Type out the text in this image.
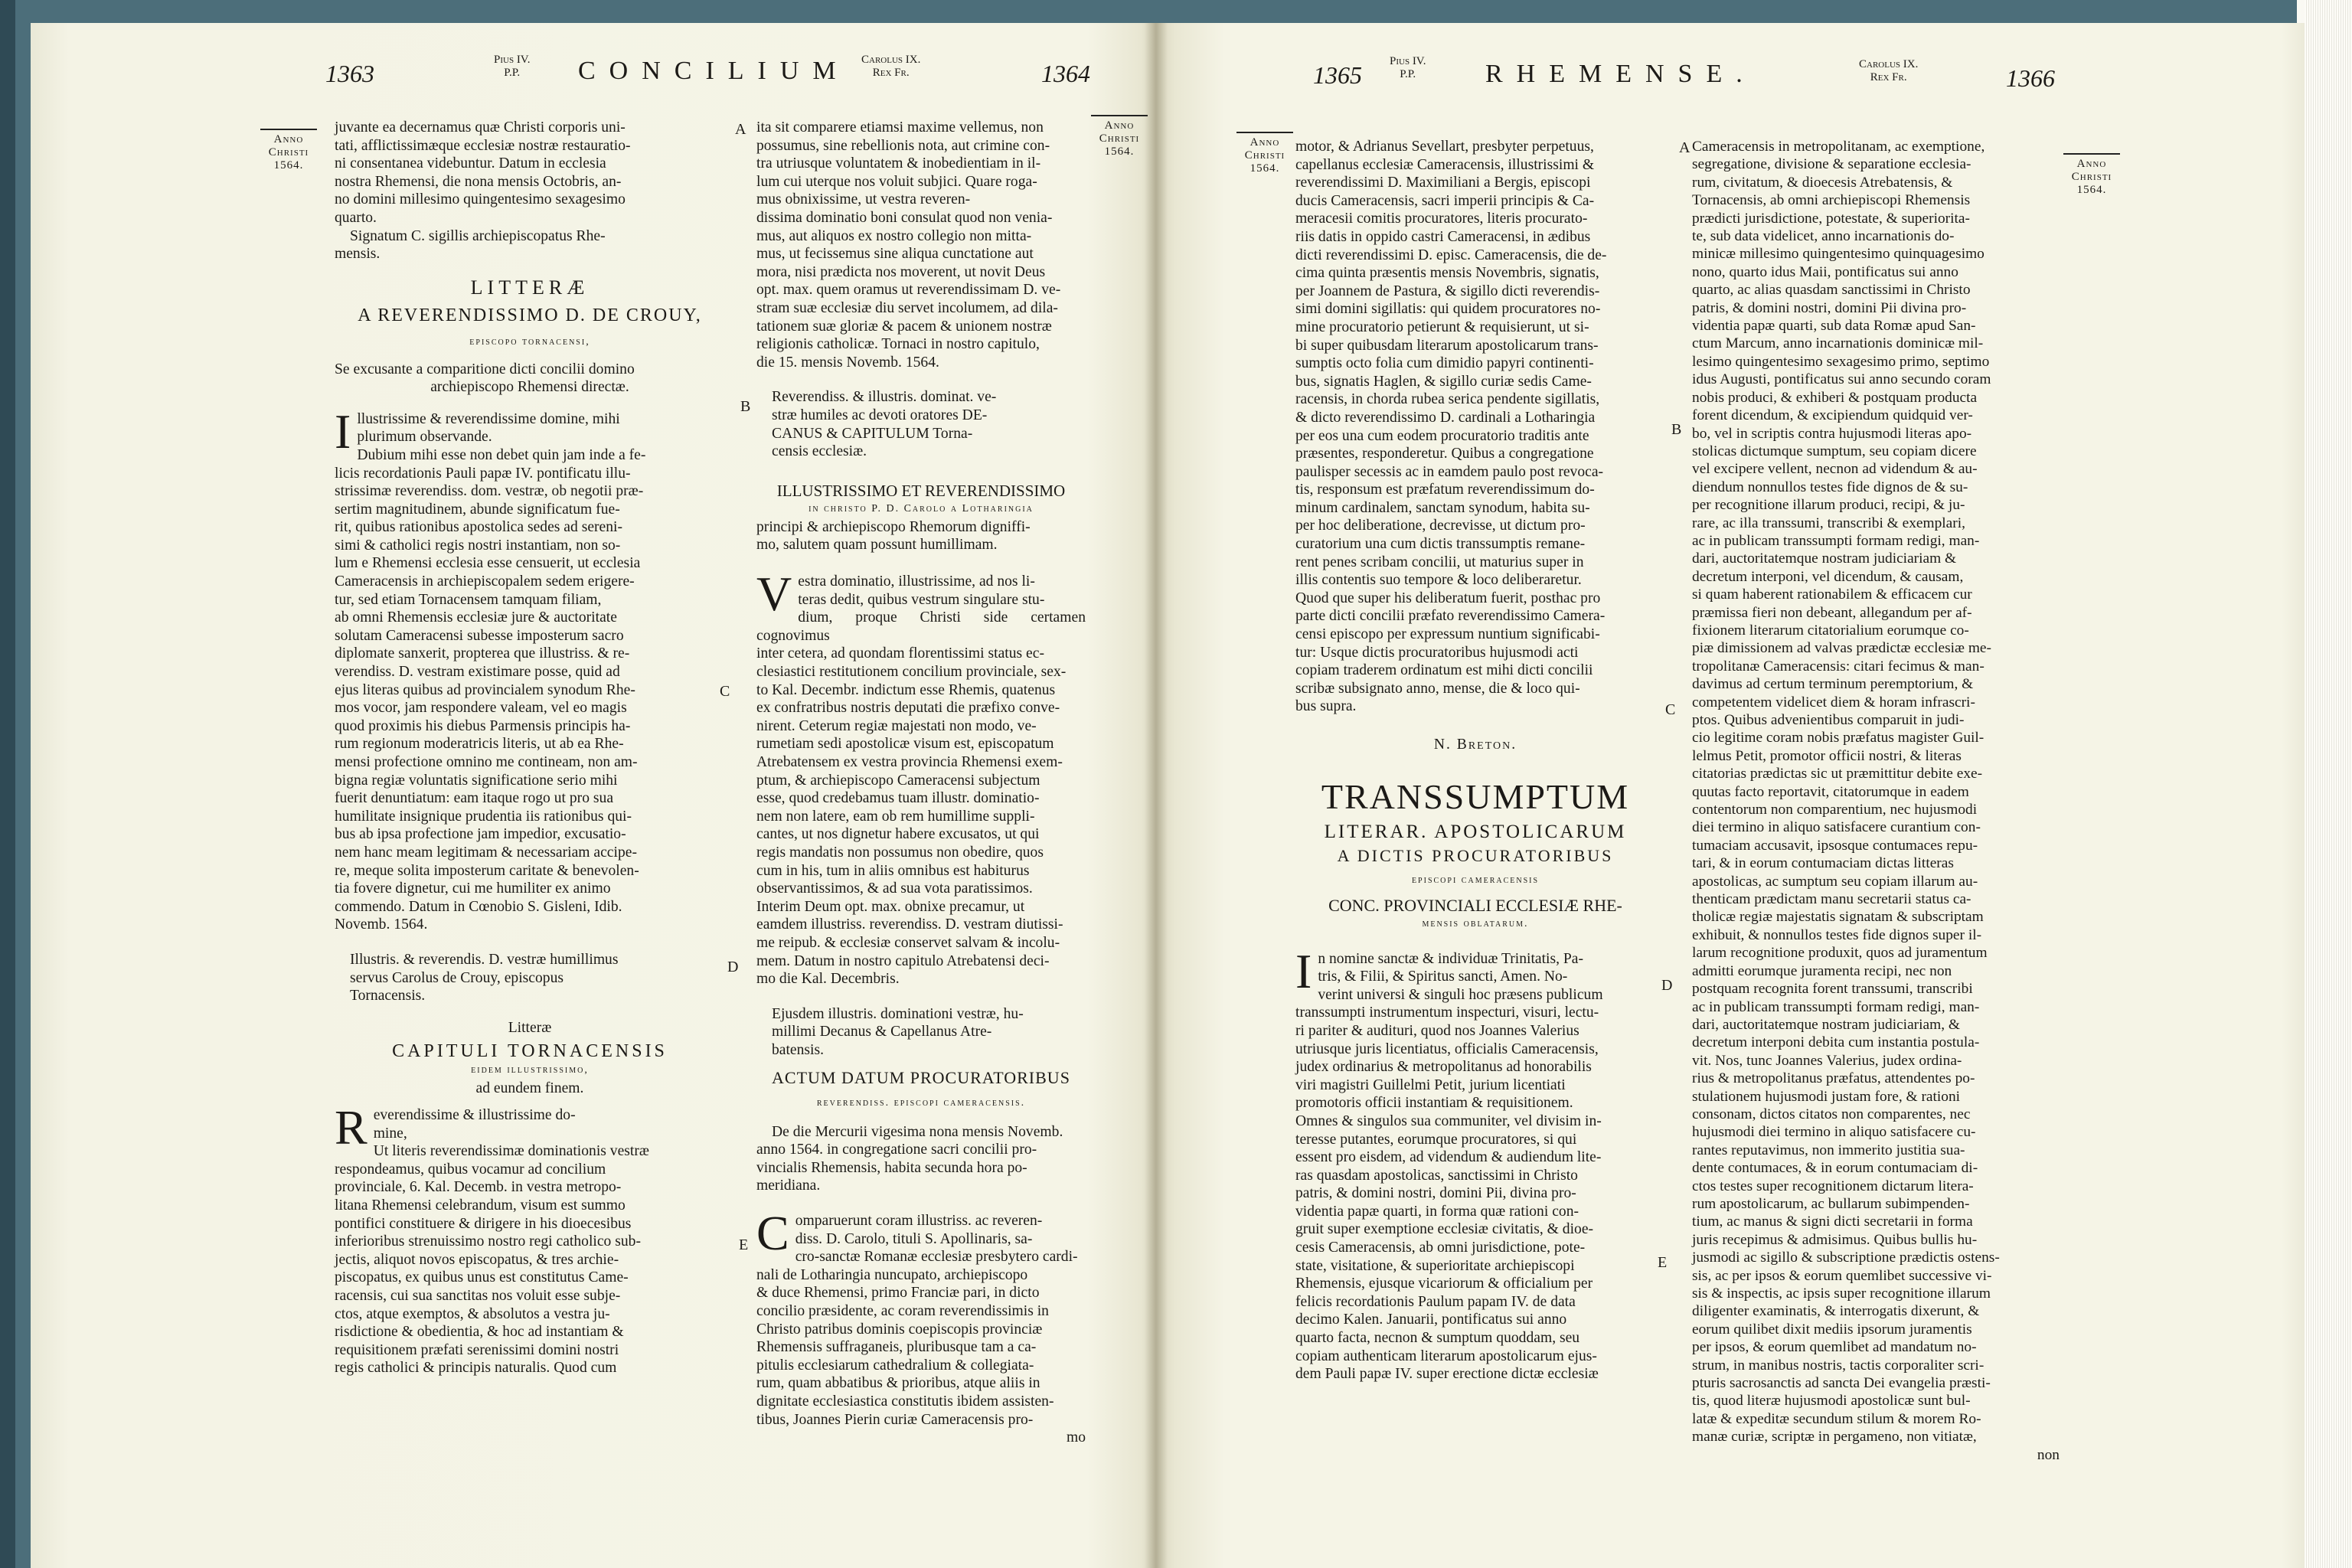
1363	Pius IV.
P.P.	CONCILIUM Carolus IX.
Rex Fr.	1364
Anno
Christi
1564.
Anno
Christi
1564.
A
B
C
D
E

juvante ea decernamus quæ Christi corporis uni-

tati, afflictissimæque ecclesiæ nostræ restauratio-

ni consentanea videbuntur. Datum in ecclesia

nostra Rhemensi, die nona mensis Octobris, an-

no domini millesimo quingentesimo sexagesimo

quarto.

Signatum C. sigillis archiepiscopatus Rhe-

mensis.

LITTERÆ

A REVERENDISSIMO D. DE CROUY,

episcopo tornacensi,

Se excusante a comparitione dicti concilii domino

archiepiscopo Rhemensi directæ.

I llustrissime & reverendissime domine, mihi

plurimum observande.

Dubium mihi esse non debet quin jam inde a fe-

licis recordationis Pauli papæ IV. pontificatu illu-

strissimæ reverendiss. dom. vestræ, ob negotii præ-

sertim magnitudinem, abunde significatum fue-

rit, quibus rationibus apostolica sedes ad sereni-

simi & catholici regis nostri instantiam, non so-

lum e Rhemensi ecclesia esse censuerit, ut ecclesia

Cameracensis in archiepiscopalem sedem erigere-

tur, sed etiam Tornacensem tamquam filiam,

ab omni Rhemensis ecclesiæ jure & auctoritate

solutam Cameracensi subesse imposterum sacro

diplomate sanxerit, propterea que illustriss. & re-

verendiss. D. vestram existimare posse, quid ad

ejus literas quibus ad provincialem synodum Rhe-

mos vocor, jam respondere valeam, vel eo magis

quod proximis his diebus Parmensis principis ha-

rum regionum moderatricis literis, ut ab ea Rhe-

mensi profectione omnino me contineam, non am-

bigna regiæ voluntatis significatione serio mihi

fuerit denuntiatum: eam itaque rogo ut pro sua

humilitate insignique prudentia iis rationibus qui-

bus ab ipsa profectione jam impedior, excusatio-

nem hanc meam legitimam & necessariam accipe-

re, meque solita imposterum caritate & benevolen-

tia fovere dignetur, cui me humiliter ex animo

commendo. Datum in Cœnobio S. Gisleni, Idib.

Novemb. 1564.

Illustris. & reverendis. D. vestræ humillimus

servus Carolus de Crouy, episcopus

Tornacensis.

Litteræ

CAPITULI TORNACENSIS

eidem illustrissimo,

ad eundem finem.

R everendissime & illustrissime do-

mine,

Ut literis reverendissimæ dominationis vestræ

respondeamus, quibus vocamur ad concilium

provinciale, 6. Kal. Decemb. in vestra metropo-

litana Rhemensi celebrandum, visum est summo

pontifici constituere & dirigere in his dioecesibus

inferioribus strenuissimo nostro regi catholico sub-

jectis, aliquot novos episcopatus, & tres archie-

piscopatus, ex quibus unus est constitutus Came-

racensis, cui sua sanctitas nos voluit esse subje-

ctos, atque exemptos, & absolutos a vestra ju-

risdictione & obedientia, & hoc ad instantiam &

requisitionem præfati serenissimi domini nostri

regis catholici & principis naturalis. Quod cum

ita sit comparere etiamsi maxime vellemus, non

possumus, sine rebellionis nota, aut crimine con-

tra utriusque voluntatem & inobedientiam in il-

lum cui uterque nos voluit subjici. Quare roga-

mus obnixissime, ut vestra reveren-

dissima dominatio boni consulat quod non venia-

mus, aut aliquos ex nostro collegio non mitta-

mus, ut fecissemus sine aliqua cunctatione aut

mora, nisi prædicta nos moverent, ut novit Deus

opt. max. quem oramus ut reverendissimam D. ve-

stram suæ ecclesiæ diu servet incolumem, ad dila-

tationem suæ gloriæ & pacem & unionem nostræ

religionis catholicæ. Tornaci in nostro capitulo,

die 15. mensis Novemb. 1564.

Reverendiss. & illustris. dominat. ve-

stræ humiles ac devoti oratores DE-

CANUS & CAPITULUM Torna-

censis ecclesiæ.

ILLUSTRISSIMO ET REVERENDISSIMO

in christo P. D. Carolo a Lotharingia

principi & archiepiscopo Rhemorum digniffi-

mo, salutem quam possunt humillimam.

V estra dominatio, illustrissime, ad nos li-

teras dedit, quibus vestrum singulare stu-

dium, proque Christi side certamen cognovimus

inter cetera, ad quondam florentissimi status ec-

clesiastici restitutionem concilium provinciale, sex-

to Kal. Decembr. indictum esse Rhemis, quatenus

ex confratribus nostris deputati die præfixo conve-

nirent. Ceterum regiæ majestati non modo, ve-

rumetiam sedi apostolicæ visum est, episcopatum

Atrebatensem ex vestra provincia Rhemensi exem-

ptum, & archiepiscopo Cameracensi subjectum

esse, quod credebamus tuam illustr. dominatio-

nem non latere, eam ob rem humillime suppli-

cantes, ut nos dignetur habere excusatos, ut qui

regis mandatis non possumus non obedire, quos

cum in his, tum in aliis omnibus est habiturus

observantissimos, & ad sua vota paratissimos.

Interim Deum opt. max. obnixe precamur, ut

eamdem illustriss. reverendiss. D. vestram diutissi-

me reipub. & ecclesiæ conservet salvam & incolu-

mem. Datum in nostro capitulo Atrebatensi deci-

mo die Kal. Decembris.

Ejusdem illustris. dominationi vestræ, hu-

millimi Decanus & Capellanus Atre-

batensis.

ACTUM DATUM PROCURATORIBUS

reverendiss. episcopi cameracensis.

De die Mercurii vigesima nona mensis Novemb.

anno 1564. in congregatione sacri concilii pro-

vincialis Rhemensis, habita secunda hora po-

meridiana.

C omparuerunt coram illustriss. ac reveren-

diss. D. Carolo, tituli S. Apollinaris, sa-

cro-sanctæ Romanæ ecclesiæ presbytero cardi-

nali de Lotharingia nuncupato, archiepiscopo

& duce Rhemensi, primo Franciæ pari, in dicto

concilio præsidente, ac coram reverendissimis in

Christo patribus dominis coepiscopis provinciæ

Rhemensis suffraganeis, pluribusque tam a ca-

pitulis ecclesiarum cathedralium & collegiata-

rum, quam abbatibus & prioribus, atque aliis in

dignitate ecclesiastica constitutis ibidem assisten-

tibus, Joannes Pierin curiæ Cameracensis pro-

mo

1365 Pius IV.
P.P.	RHEMENSE.	Carolus IX.
Rex Fr.	1366
Anno
Christi
1564.	Anno
Christi
1564.
A
B
C
D
E

motor, & Adrianus Sevellart, presbyter perpetuus,

capellanus ecclesiæ Cameracensis, illustrissimi &

reverendissimi D. Maximiliani a Bergis, episcopi

ducis Cameracensis, sacri imperii principis & Ca-

meracesii comitis procuratores, literis procurato-

riis datis in oppido castri Cameracensi, in ædibus

dicti reverendissimi D. episc. Cameracensis, die de-

cima quinta præsentis mensis Novembris, signatis,

per Joannem de Pastura, & sigillo dicti reverendis-

simi domini sigillatis: qui quidem procuratores no-

mine procuratorio petierunt & requisierunt, ut si-

bi super quibusdam literarum apostolicarum trans-

sumptis octo folia cum dimidio papyri continenti-

bus, signatis Haglen, & sigillo curiæ sedis Came-

racensis, in chorda rubea serica pendente sigillatis,

& dicto reverendissimo D. cardinali a Lotharingia

per eos una cum eodem procuratorio traditis ante

præsentes, responderetur. Quibus a congregatione

paulisper secessis ac in eamdem paulo post revoca-

tis, responsum est præfatum reverendissimum do-

minum cardinalem, sanctam synodum, habita su-

per hoc deliberatione, decrevisse, ut dictum pro-

curatorium una cum dictis transsumptis remane-

rent penes scribam concilii, ut maturius super in

illis contentis suo tempore & loco deliberaretur.

Quod que super his deliberatum fuerit, posthac pro

parte dicti concilii præfato reverendissimo Camera-

censi episcopo per expressum nuntium significabi-

tur: Usque dictis procuratoribus hujusmodi acti

copiam traderem ordinatum est mihi dicti concilii

scribæ subsignato anno, mense, die & loco qui-

bus supra.

N. Breton.

TRANSSUMPTUM

LITERAR. APOSTOLICARUM

A DICTIS PROCURATORIBUS

episcopi cameracensis

CONC. PROVINCIALI ECCLESIÆ RHE-

mensis oblatarum.

I n nomine sanctæ & individuæ Trinitatis, Pa-

tris, & Filii, & Spiritus sancti, Amen. No-

verint universi & singuli hoc præsens publicum

transsumpti instrumentum inspecturi, visuri, lectu-

ri pariter & audituri, quod nos Joannes Valerius

utriusque juris licentiatus, officialis Cameracensis,

judex ordinarius & metropolitanus ad honorabilis

viri magistri Guillelmi Petit, jurium licentiati

promotoris officii instantiam & requisitionem.

Omnes & singulos sua communiter, vel divisim in-

teresse putantes, eorumque procuratores, si qui

essent pro eisdem, ad videndum & audiendum lite-

ras quasdam apostolicas, sanctissimi in Christo

patris, & domini nostri, domini Pii, divina pro-

videntia papæ quarti, in forma quæ rationi con-

gruit super exemptione ecclesiæ civitatis, & dioe-

cesis Cameracensis, ab omni jurisdictione, pote-

state, visitatione, & superioritate archiepiscopi

Rhemensis, ejusque vicariorum & officialium per

felicis recordationis Paulum papam IV. de data

decimo Kalen. Januarii, pontificatus sui anno

quarto facta, necnon & sumptum quoddam, seu

copiam authenticam literarum apostolicarum ejus-

dem Pauli papæ IV. super erectione dictæ ecclesiæ

Cameracensis in metropolitanam, ac exemptione,

segregatione, divisione & separatione ecclesia-

rum, civitatum, & dioecesis Atrebatensis, &

Tornacensis, ab omni archiepiscopi Rhemensis

prædicti jurisdictione, potestate, & superiorita-

te, sub data videlicet, anno incarnationis do-

minicæ millesimo quingentesimo quinquagesimo

nono, quarto idus Maii, pontificatus sui anno

quarto, ac alias quasdam sanctissimi in Christo

patris, & domini nostri, domini Pii divina pro-

videntia papæ quarti, sub data Romæ apud San-

ctum Marcum, anno incarnationis dominicæ mil-

lesimo quingentesimo sexagesimo primo, septimo

idus Augusti, pontificatus sui anno secundo coram

nobis produci, & exhiberi & postquam producta

forent dicendum, & excipiendum quidquid ver-

bo, vel in scriptis contra hujusmodi literas apo-

stolicas dictumque sumptum, seu copiam dicere

vel excipere vellent, necnon ad videndum & au-

diendum nonnullos testes fide dignos de & su-

per recognitione illarum produci, recipi, & ju-

rare, ac illa transsumi, transcribi & exemplari,

ac in publicam transsumpti formam redigi, man-

dari, auctoritatemque nostram judiciariam &

decretum interponi, vel dicendum, & causam,

si quam haberent rationabilem & efficacem cur

præmissa fieri non debeant, allegandum per af-

fixionem literarum citatorialium eorumque co-

piæ dimissionem ad valvas prædictæ ecclesiæ me-

tropolitanæ Cameracensis: citari fecimus & man-

davimus ad certum terminum peremptorium, &

competentem videlicet diem & horam infrascri-

ptos. Quibus advenientibus comparuit in judi-

cio legitime coram nobis præfatus magister Guil-

lelmus Petit, promotor officii nostri, & literas

citatorias prædictas sic ut præmittitur debite exe-

quutas facto reportavit, citatorumque in eadem

contentorum non comparentium, nec hujusmodi

diei termino in aliquo satisfacere curantium con-

tumaciam accusavit, ipsosque contumaces repu-

tari, & in eorum contumaciam dictas litteras

apostolicas, ac sumptum seu copiam illarum au-

thenticam prædictam manu secretarii status ca-

tholicæ regiæ majestatis signatam & subscriptam

exhibuit, & nonnullos testes fide dignos super il-

larum recognitione produxit, quos ad juramentum

admitti eorumque juramenta recipi, nec non

postquam recognita forent transsumi, transcribi

ac in publicam transsumpti formam redigi, man-

dari, auctoritatemque nostram judiciariam, &

decretum interponi debita cum instantia postula-

vit. Nos, tunc Joannes Valerius, judex ordina-

rius & metropolitanus præfatus, attendentes po-

stulationem hujusmodi justam fore, & rationi

consonam, dictos citatos non comparentes, nec

hujusmodi diei termino in aliquo satisfacere cu-

rantes reputavimus, non immerito justitia sua-

dente contumaces, & in eorum contumaciam di-

ctos testes super recognitionem dictarum litera-

rum apostolicarum, ac bullarum subimpenden-

tium, ac manus & signi dicti secretarii in forma

juris recepimus & admisimus. Quibus bullis hu-

jusmodi ac sigillo & subscriptione prædictis ostens-

sis, ac per ipsos & eorum quemlibet successive vi-

sis & inspectis, ac ipsis super recognitione illarum

diligenter examinatis, & interrogatis dixerunt, &

eorum quilibet dixit mediis ipsorum juramentis

per ipsos, & eorum quemlibet ad mandatum no-

strum, in manibus nostris, tactis corporaliter scri-

pturis sacrosanctis ad sancta Dei evangelia præsti-

tis, quod literæ hujusmodi apostolicæ sunt bul-

latæ & expeditæ secundum stilum & morem Ro-

manæ curiæ, scriptæ in pergameno, non vitiatæ,

non
